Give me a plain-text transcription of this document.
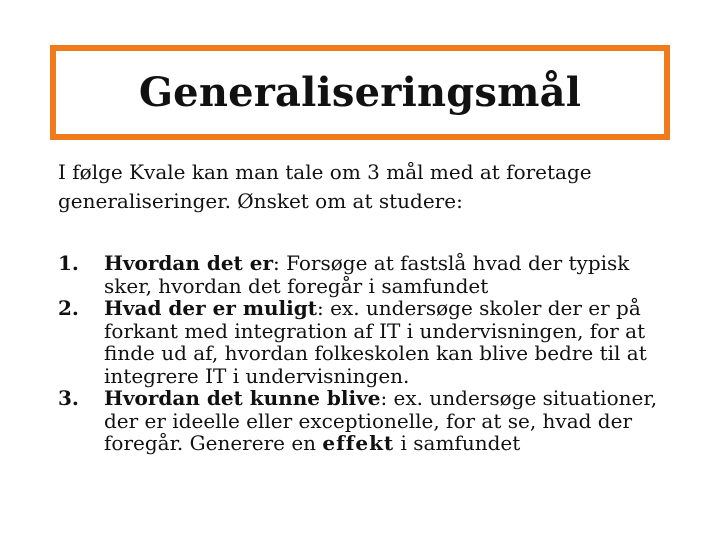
Generaliseringsmål

I følge Kvale kan man tale om 3 mål med at foretage
generaliseringer. Ønsket om at studere:

1. Hvordan det er: Forsøge at fastslå hvad der typisk sker, hvordan det foregår i samfundet
2. Hvad der er muligt: ex. undersøge skoler der er på forkant med integration af IT i undervisningen, for at finde ud af, hvordan folkeskolen kan blive bedre til at integrere IT i undervisningen.
3. Hvordan det kunne blive: ex. undersøge situationer, der er ideelle eller exceptionelle, for at se, hvad der foregår. Generere en effekt i samfundet
